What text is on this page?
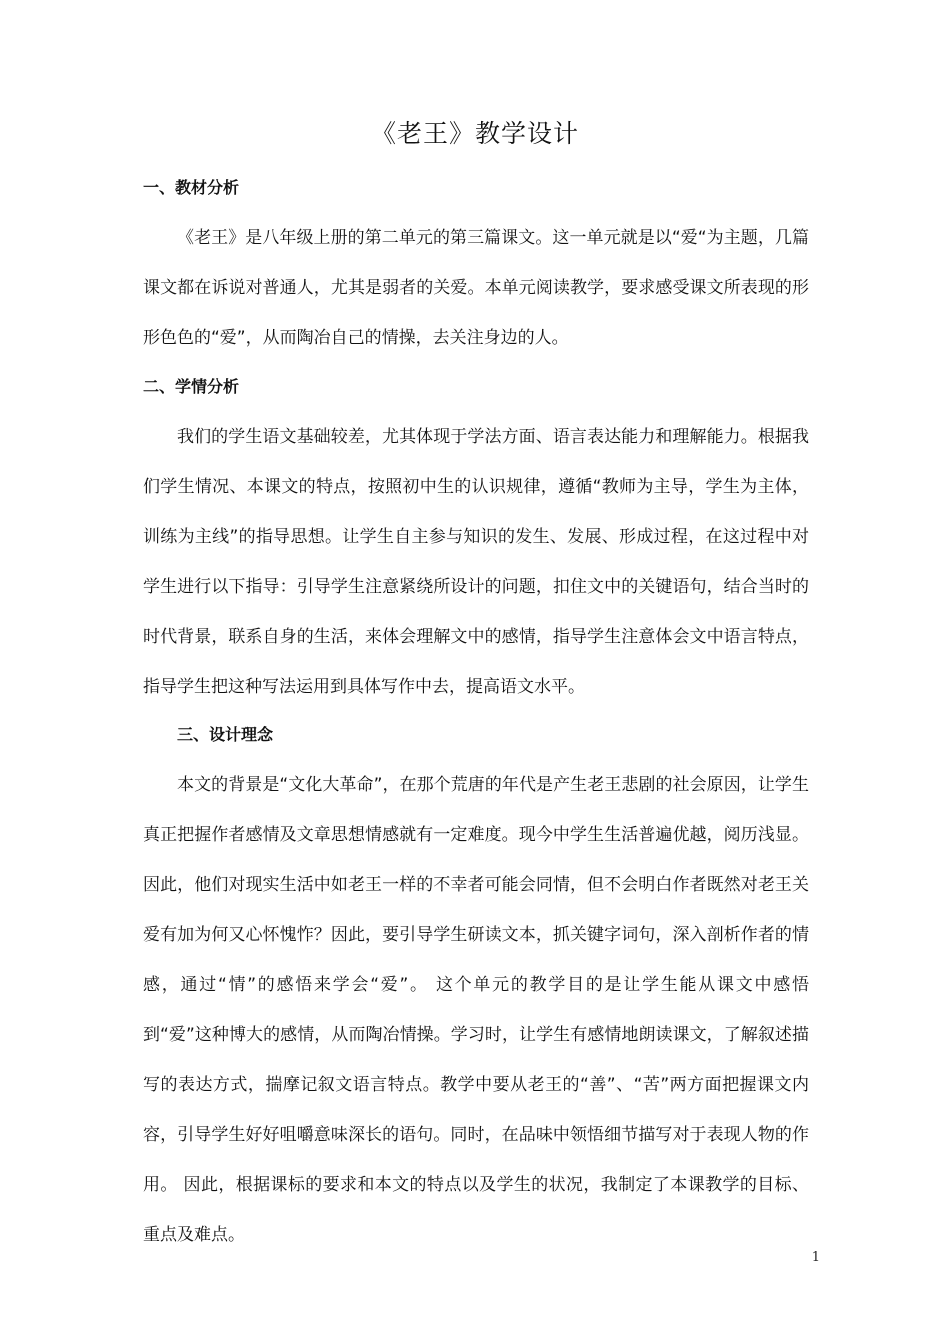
《老王》教学设计
一、教材分析

《老王》是八年级上册的第二单元的第三篇课文。这一单元就是以“爱“为主题，几篇课文都在诉说对普通人，尤其是弱者的关爱。本单元阅读教学，要求感受课文所表现的形形色色的“爱”，从而陶冶自己的情操，去关注身边的人。

二、学情分析

我们的学生语文基础较差，尤其体现于学法方面、语言表达能力和理解能力。根据我们学生情况、本课文的特点，按照初中生的认识规律，遵循“教师为主导，学生为主体，训练为主线”的指导思想。让学生自主参与知识的发生、发展、形成过程，在这过程中对学生进行以下指导：引导学生注意紧绕所设计的问题，扣住文中的关键语句，结合当时的时代背景，联系自身的生活，来体会理解文中的感情，指导学生注意体会文中语言特点，指导学生把这种写法运用到具体写作中去，提高语文水平。

三、设计理念

本文的背景是“文化大革命”，在那个荒唐的年代是产生老王悲剧的社会原因，让学生真正把握作者感情及文章思想情感就有一定难度。现今中学生生活普遍优越，阅历浅显。因此，他们对现实生活中如老王一样的不幸者可能会同情，但不会明白作者既然对老王关爱有加为何又心怀愧怍？因此，要引导学生研读文本，抓关键字词句，深入剖析作者的情感，通过“情”的感悟来学会“爱”。 这个单元的教学目的是让学生能从课文中感悟到“爱”这种博大的感情，从而陶冶情操。学习时，让学生有感情地朗读课文，了解叙述描写的表达方式，揣摩记叙文语言特点。教学中要从老王的“善”、“苦”两方面把握课文内容，引导学生好好咀嚼意味深长的语句。同时，在品味中领悟细节描写对于表现人物的作用。 因此，根据课标的要求和本文的特点以及学生的状况，我制定了本课教学的目标、重点及难点。

1
